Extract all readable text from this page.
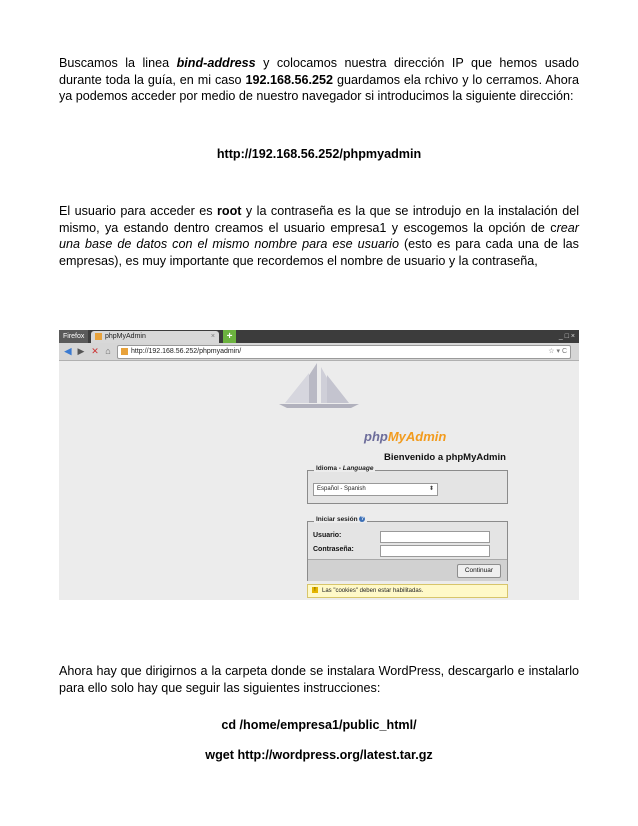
Buscamos la linea bind-address y colocamos nuestra dirección IP que hemos usado durante toda la guía, en mi caso 192.168.56.252 guardamos ela rchivo y lo cerramos. Ahora ya podemos acceder por medio de nuestro navegador si introducimos la siguiente dirección:
http://192.168.56.252/phpmyadmin
El usuario para acceder es root y la contraseña es la que se introdujo en la instalación del mismo, ya estando dentro creamos el usuario empresa1 y escogemos la opción de crear una base de datos con el mismo nombre para ese usuario (esto es para cada una de las empresas), es muy importante que recordemos el nombre de usuario y la contraseña,
Firefox	phpMyAdmin	×	+	_ □ ×
◀ ▶ ✕ ⌂	http://192.168.56.252/phpmyadmin/	☆ ▾ C
phpMyAdmin
Bienvenido a phpMyAdmin
Idioma - Language
Español - Spanish	⬍
Iniciar sesión ?
Usuario:
Contraseña:
Continuar
! Las "cookies" deben estar habilitadas.
Ahora hay que dirigirnos a la carpeta donde se instalara WordPress, descargarlo e instalarlo para ello solo hay que seguir las siguientes instrucciones:
cd /home/empresa1/public_html/
wget http://wordpress.org/latest.tar.gz
